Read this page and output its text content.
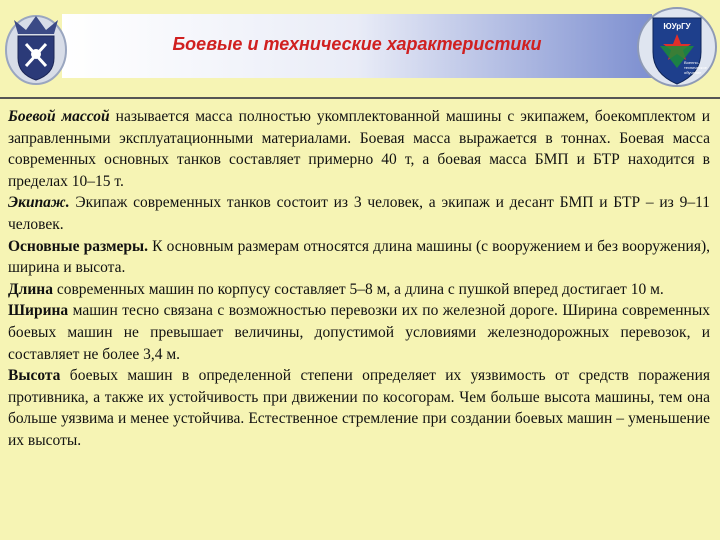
Боевые и технические характеристики
ЮУрГУ
Военно-
техническое
обучение

Боевой массой называется масса полностью укомплектованной машины с экипажем, боекомплектом и заправленными эксплуатационными материалами. Боевая масса выражается в тоннах. Боевая масса современных основных танков составляет примерно 40 т, а боевая масса БМП и БТР находится в пределах 10–15 т.

Экипаж. Экипаж современных танков состоит из 3 человек, а экипаж и десант БМП и БТР – из 9–11 человек.

Основные размеры. К основным размерам относятся длина машины (с вооружением и без вооружения), ширина и высота.

Длина современных машин по корпусу составляет 5–8 м, а длина с пушкой вперед достигает 10 м.

Ширина машин тесно связана с возможностью перевозки их по железной дороге. Ширина современных боевых машин не превышает величины, допустимой условиями железнодорожных перевозок, и составляет не более 3,4 м.

Высота боевых машин в определенной степени определяет их уязвимость от средств поражения противника, а также их устойчивость при движении по косогорам. Чем больше высота машины, тем она больше уязвима и менее устойчива. Естественное стремление при создании боевых машин – уменьшение их высоты.
